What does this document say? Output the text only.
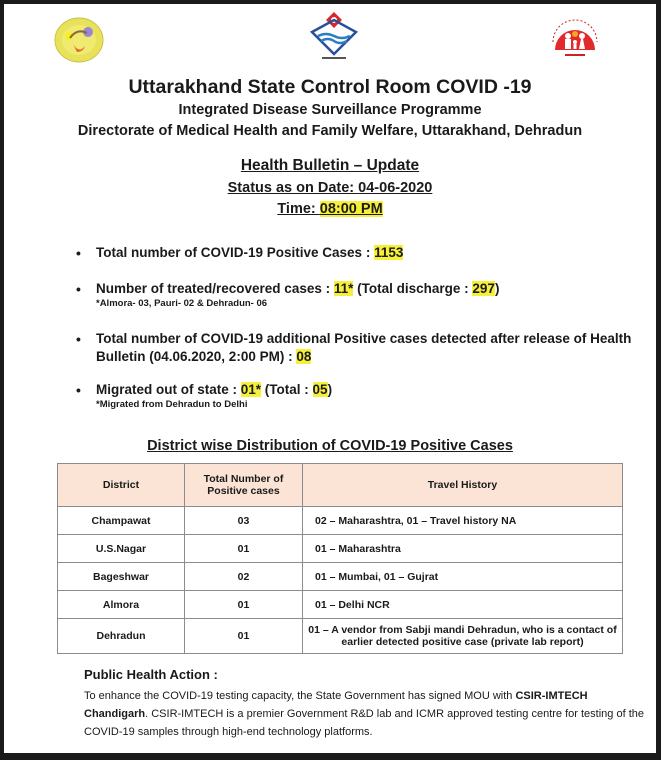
Uttarakhand State Control Room COVID -19
Integrated Disease Surveillance Programme
Directorate of Medical Health and Family Welfare, Uttarakhand, Dehradun
Health Bulletin – Update
Status as on Date: 04-06-2020
Time: 08:00 PM
• Total number of COVID-19 Positive Cases : 1153
• Number of treated/recovered cases : 11* (Total discharge : 297)
*Almora- 03, Pauri- 02 & Dehradun- 06
• Total number of COVID-19 additional Positive cases detected after release of Health Bulletin (04.06.2020, 2:00 PM) : 08
• Migrated out of state : 01* (Total : 05)
*Migrated from Dehradun to Delhi
District wise Distribution of COVID-19 Positive Cases
District	Total Number of Positive cases	Travel History
Champawat	03	02 – Maharashtra, 01 – Travel history NA
U.S.Nagar	01	01 – Maharashtra
Bageshwar	02	01 – Mumbai, 01 – Gujrat
Almora	01	01 – Delhi NCR
Dehradun	01	01 – A vendor from Sabji mandi Dehradun, who is a contact of earlier detected positive case (private lab report)
Public Health Action :
To enhance the COVID-19 testing capacity, the State Government has signed MOU with CSIR-IMTECH Chandigarh. CSIR-IMTECH is a premier Government R&D lab and ICMR approved testing centre for testing of the COVID-19 samples through high-end technology platforms.
